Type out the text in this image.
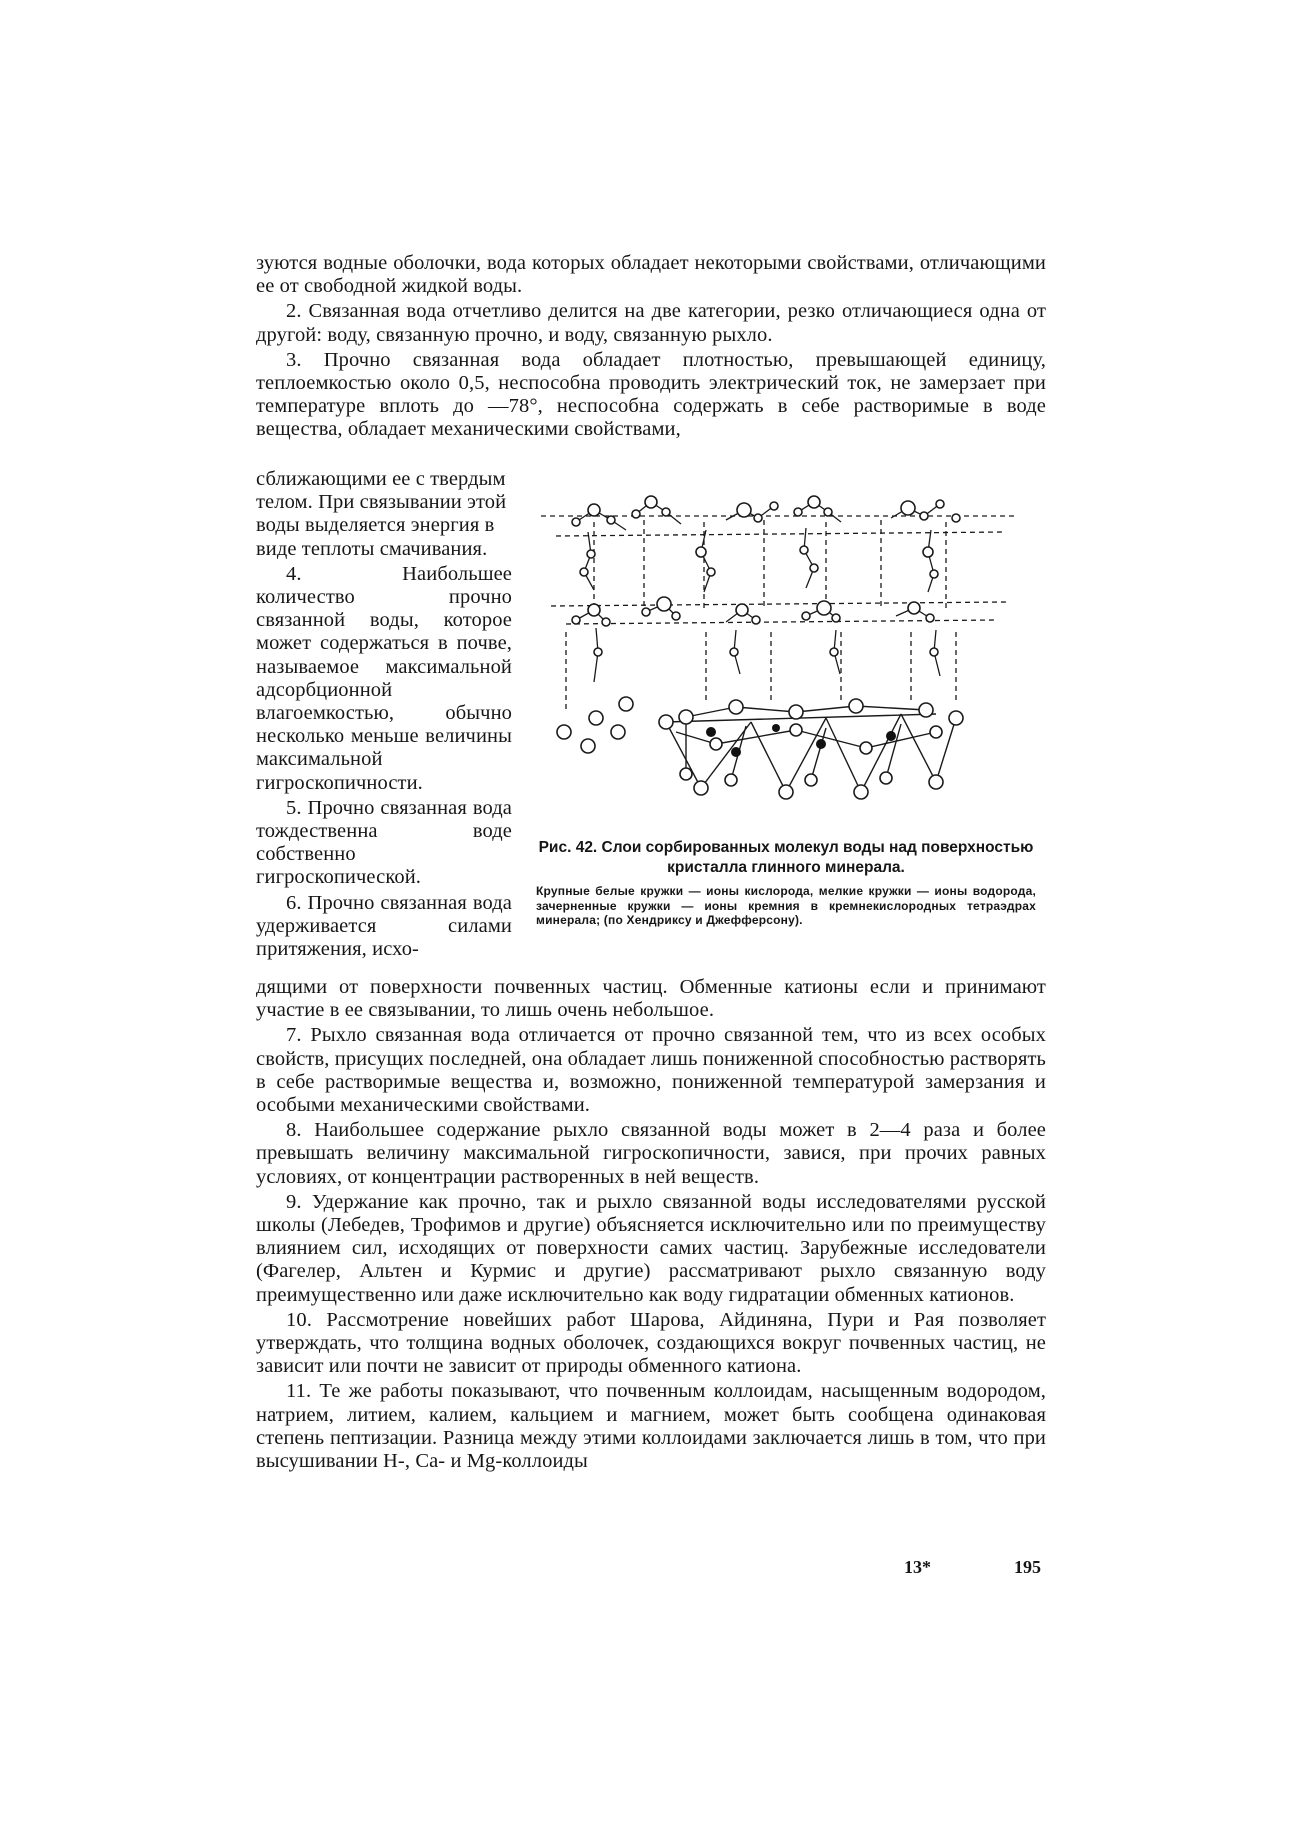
зуются водные оболочки, вода которых обладает некоторыми свойствами, отличающими ее от свободной жидкой воды.

2. Связанная вода отчетливо делится на две категории, резко отличающиеся одна от другой: воду, связанную прочно, и воду, связанную рыхло.

3. Прочно связанная вода обладает плотностью, превышающей единицу, теплоемкостью около 0,5, неспособна проводить электрический ток, не замерзает при температуре вплоть до —78°, неспособна содержать в себе растворимые в воде вещества, обладает механическими свойствами,

сближающими ее с твердым телом. При связывании этой воды выделяется энергия в виде теплоты смачивания.

4. Наибольшее количество прочно связанной воды, которое может содержаться в почве, называемое максимальной адсорбционной влагоемкостью, обычно несколько меньше величины максимальной гигроскопичности.

5. Прочно связанная вода тождественна воде собственно гигроскопической.

6. Прочно связанная вода удерживается силами притяжения, исхо-

Рис. 42. Слои сорбированных молекул воды над поверхностью кристалла глинного минерала.
Крупные белые кружки — ионы кислорода, мелкие кружки — ионы водорода, зачерненные кружки — ионы кремния в кремнекислородных тетраэдрах минерала; (по Хендриксу и Джефферсону).

дящими от поверхности почвенных частиц. Обменные катионы если и принимают участие в ее связывании, то лишь очень небольшое.

7. Рыхло связанная вода отличается от прочно связанной тем, что из всех особых свойств, присущих последней, она обладает лишь пониженной способностью растворять в себе растворимые вещества и, возможно, пониженной температурой замерзания и особыми механическими свойствами.

8. Наибольшее содержание рыхло связанной воды может в 2—4 раза и более превышать величину максимальной гигроскопичности, завися, при прочих равных условиях, от концентрации растворенных в ней веществ.

9. Удержание как прочно, так и рыхло связанной воды исследователями русской школы (Лебедев, Трофимов и другие) объясняется исключительно или по преимуществу влиянием сил, исходящих от поверхности самих частиц. Зарубежные исследователи (Фагелер, Альтен и Курмис и другие) рассматривают рыхло связанную воду преимущественно или даже исключительно как воду гидратации обменных катионов.

10. Рассмотрение новейших работ Шарова, Айдиняна, Пури и Рая позволяет утверждать, что толщина водных оболочек, создающихся вокруг почвенных частиц, не зависит или почти не зависит от природы обменного катиона.

11. Те же работы показывают, что почвенным коллоидам, насыщенным водородом, натрием, литием, калием, кальцием и магнием, может быть сообщена одинаковая степень пептизации. Разница между этими коллоидами заключается лишь в том, что при высушивании H-, Ca- и Mg-коллоиды

13*	195
